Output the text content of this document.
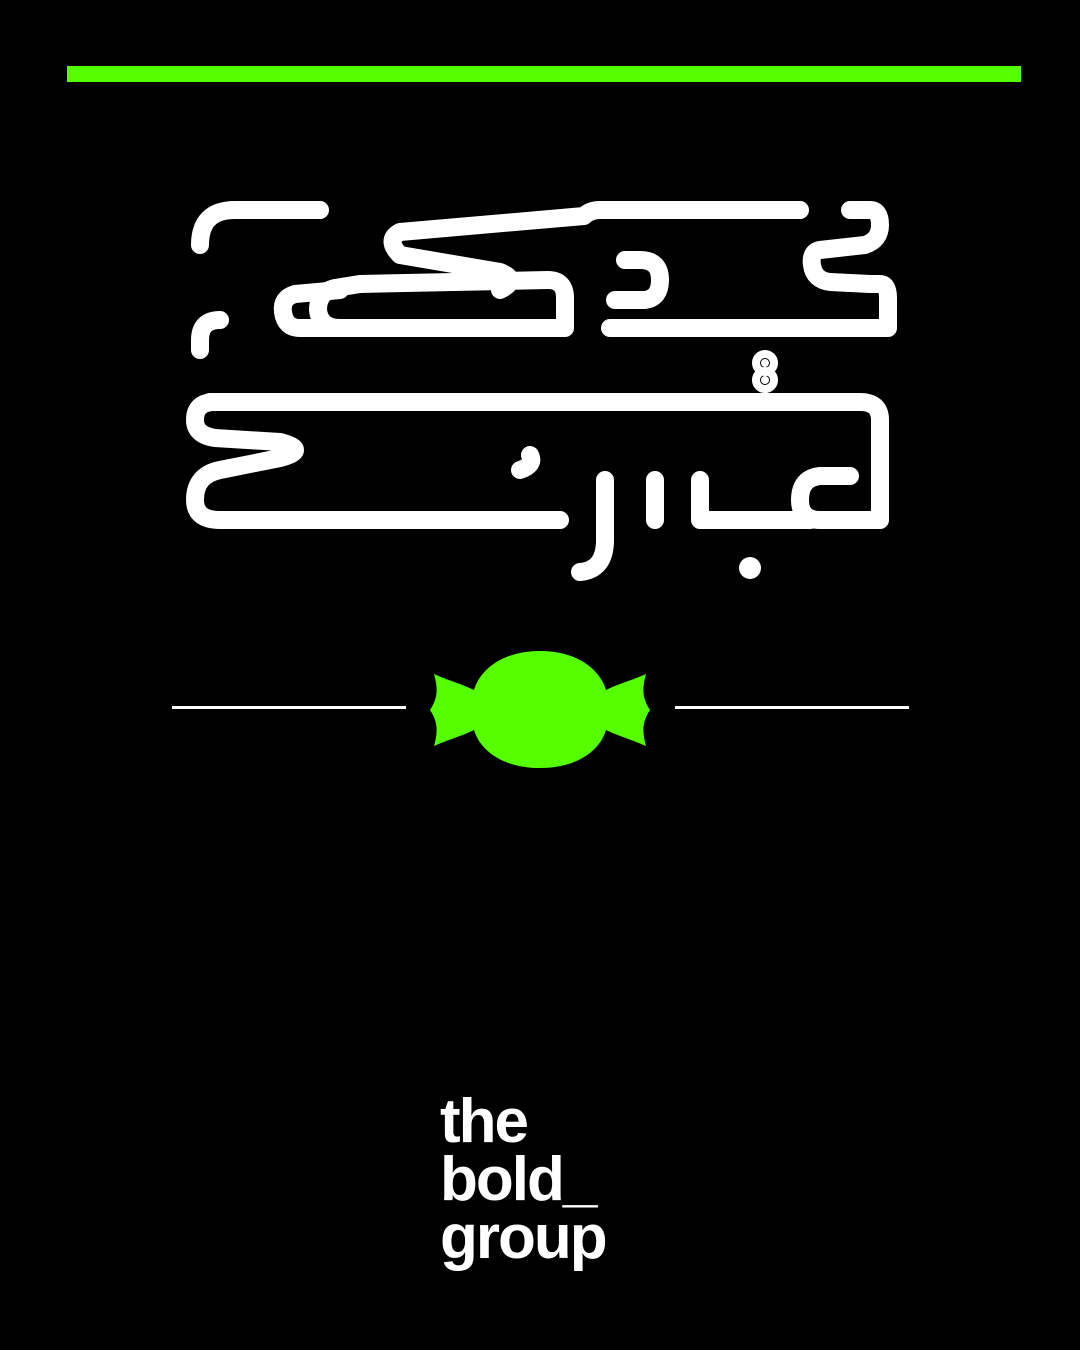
the
bold_
group
